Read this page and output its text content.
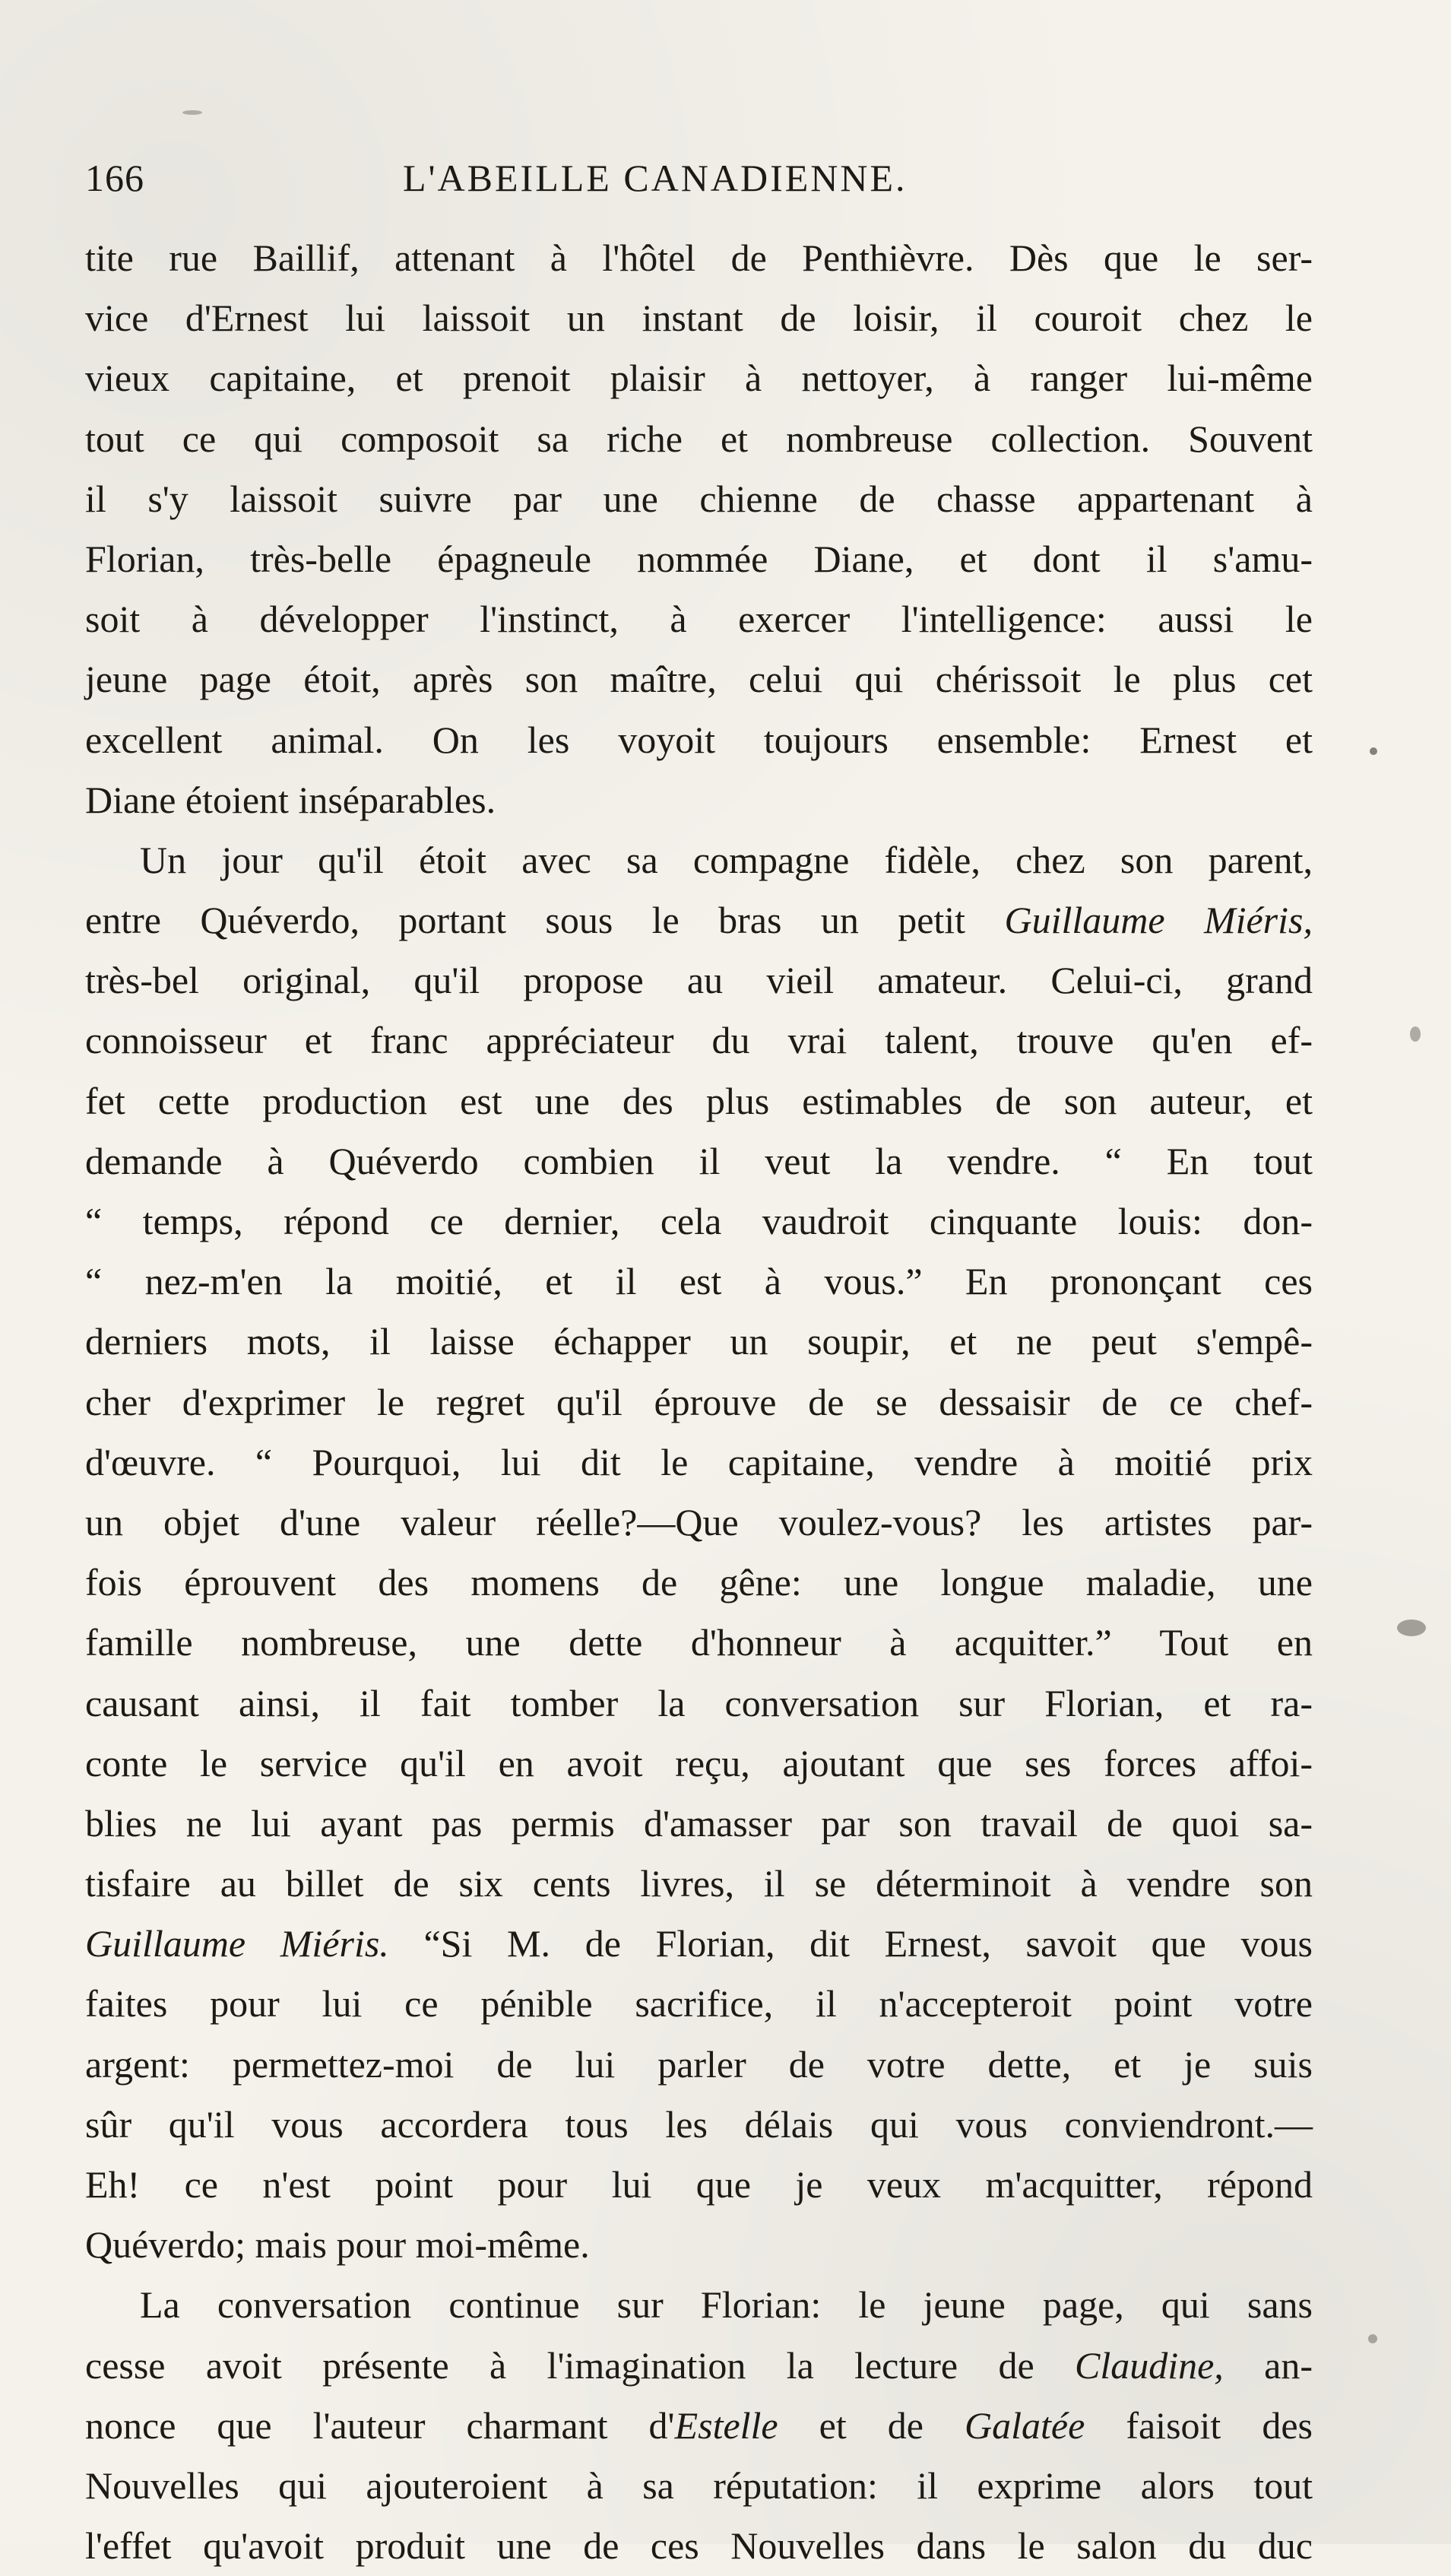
166	L'ABEILLE CANADIENNE.
tite rue Baillif, attenant à l'hôtel de Penthièvre. Dès que le ser-
vice d'Ernest lui laissoit un instant de loisir, il couroit chez le
vieux capitaine, et prenoit plaisir à nettoyer, à ranger lui-même
tout ce qui composoit sa riche et nombreuse collection. Souvent
il s'y laissoit suivre par une chienne de chasse appartenant à
Florian, très-belle épagneule nommée Diane, et dont il s'amu-
soit à développer l'instinct, à exercer l'intelligence: aussi le
jeune page étoit, après son maître, celui qui chérissoit le plus cet
excellent animal. On les voyoit toujours ensemble: Ernest et
Diane étoient inséparables.
Un jour qu'il étoit avec sa compagne fidèle, chez son parent,
entre Quéverdo, portant sous le bras un petit Guillaume Miéris,
très-bel original, qu'il propose au vieil amateur. Celui-ci, grand
connoisseur et franc appréciateur du vrai talent, trouve qu'en ef-
fet cette production est une des plus estimables de son auteur, et
demande à Quéverdo combien il veut la vendre. “ En tout
“ temps, répond ce dernier, cela vaudroit cinquante louis: don-
“ nez-m'en la moitié, et il est à vous.” En prononçant ces
derniers mots, il laisse échapper un soupir, et ne peut s'empê-
cher d'exprimer le regret qu'il éprouve de se dessaisir de ce chef-
d'œuvre. “ Pourquoi, lui dit le capitaine, vendre à moitié prix
un objet d'une valeur réelle?—Que voulez-vous? les artistes par-
fois éprouvent des momens de gêne: une longue maladie, une
famille nombreuse, une dette d'honneur à acquitter.” Tout en
causant ainsi, il fait tomber la conversation sur Florian, et ra-
conte le service qu'il en avoit reçu, ajoutant que ses forces affoi-
blies ne lui ayant pas permis d'amasser par son travail de quoi sa-
tisfaire au billet de six cents livres, il se déterminoit à vendre son
Guillaume Miéris. “Si M. de Florian, dit Ernest, savoit que vous
faites pour lui ce pénible sacrifice, il n'accepteroit point votre
argent: permettez-moi de lui parler de votre dette, et je suis
sûr qu'il vous accordera tous les délais qui vous conviendront.—
Eh! ce n'est point pour lui que je veux m'acquitter, répond
Quéverdo; mais pour moi-même.
La conversation continue sur Florian: le jeune page, qui sans
cesse avoit présente à l'imagination la lecture de Claudine, an-
nonce que l'auteur charmant d'Estelle et de Galatée faisoit des
Nouvelles qui ajouteroient à sa réputation: il exprime alors tout
l'effet qu'avoit produit une de ces Nouvelles dans le salon du duc
